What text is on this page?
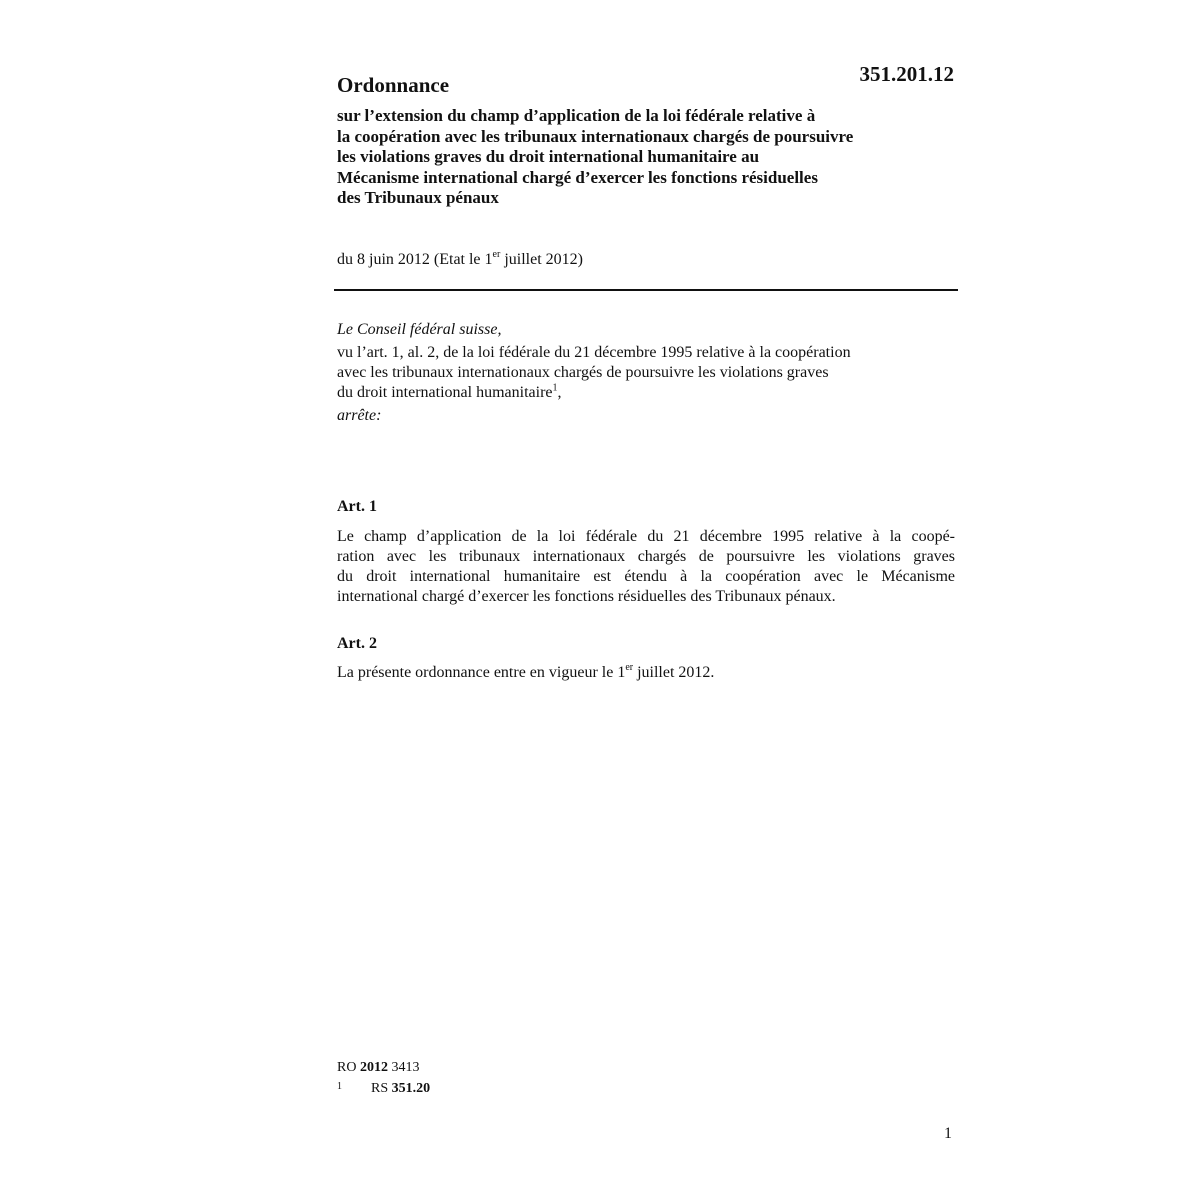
Ordonnance	351.201.12
sur l’extension du champ d’application de la loi fédérale relative à
la coopération avec les tribunaux internationaux chargés de poursuivre
les violations graves du droit international humanitaire au
Mécanisme international chargé d’exercer les fonctions résiduelles
des Tribunaux pénaux
du 8 juin 2012 (Etat le 1er juillet 2012)
Le Conseil fédéral suisse,
vu l’art. 1, al. 2, de la loi fédérale du 21 décembre 1995 relative à la coopération
avec les tribunaux internationaux chargés de poursuivre les violations graves
du droit international humanitaire$^1$,
arrête:
Art. 1
Le champ d’application de la loi fédérale du 21 décembre 1995 relative à la coopé-
ration avec les tribunaux internationaux chargés de poursuivre les violations graves
du droit international humanitaire est étendu à la coopération avec le Mécanisme
international chargé d’exercer les fonctions résiduelles des Tribunaux pénaux.
Art. 2
La présente ordonnance entre en vigueur le 1er juillet 2012.
RO 2012 3413
1 RS 351.20
1
